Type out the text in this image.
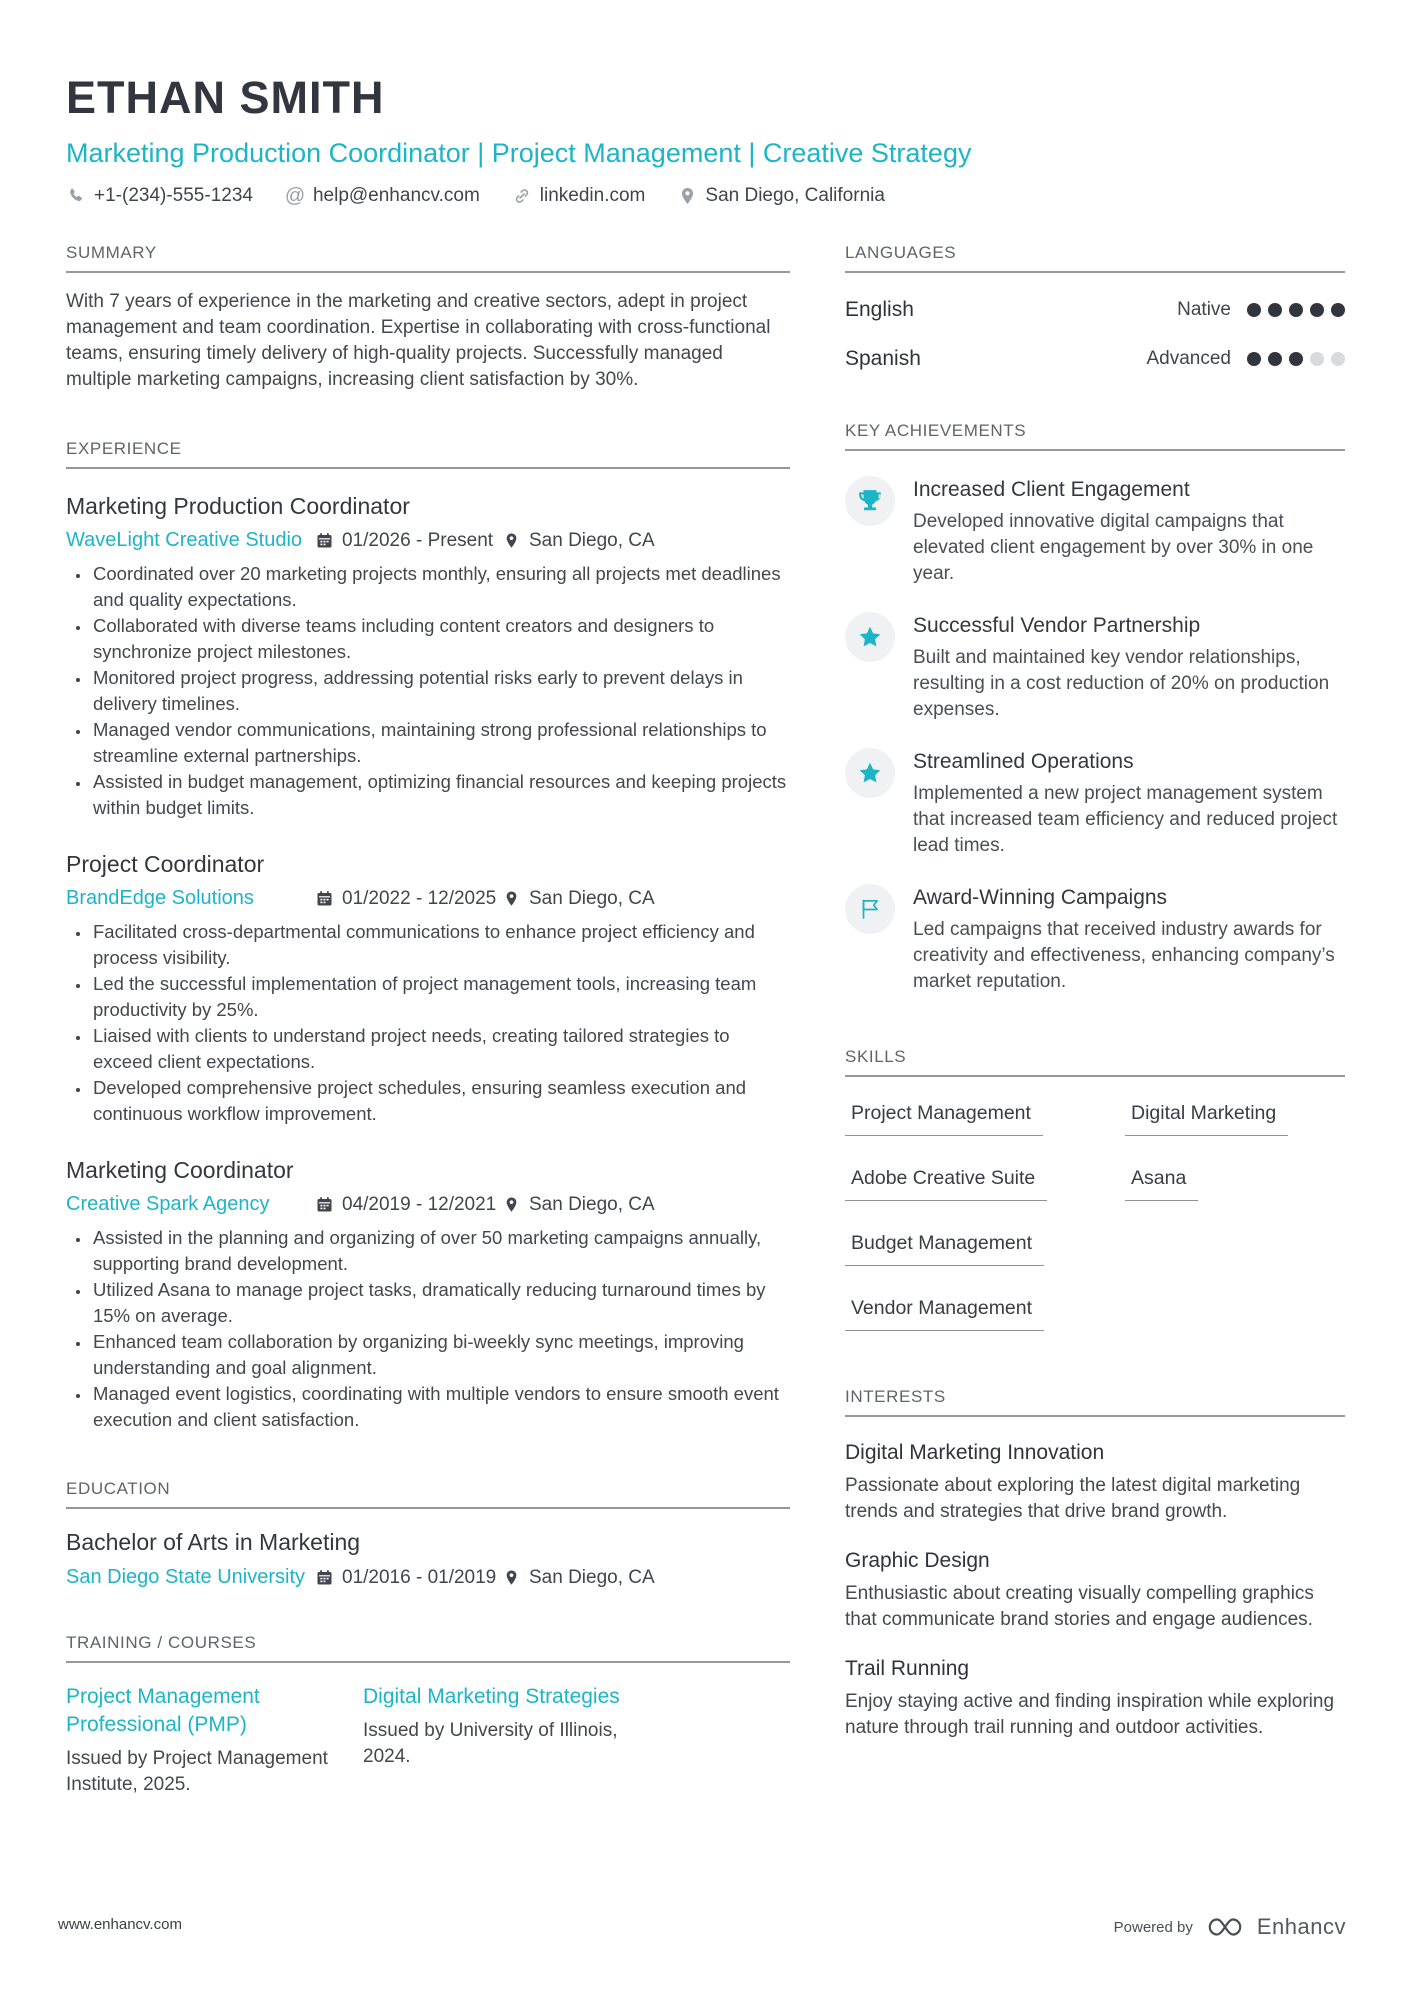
ETHAN SMITH
Marketing Production Coordinator | Project Management | Creative Strategy
+1-(234)-555-1234 @ help@enhancv.com	linkedin.com	San Diego, California
SUMMARY
With 7 years of experience in the marketing and creative sectors, adept in project management and team coordination. Expertise in collaborating with cross-functional teams, ensuring timely delivery of high-quality projects. Successfully managed multiple marketing campaigns, increasing client satisfaction by 30%.
EXPERIENCE
Marketing Production Coordinator
WaveLight Creative Studio	01/2026 - Present San Diego, CA
• Coordinated over 20 marketing projects monthly, ensuring all projects met deadlines and quality expectations.
• Collaborated with diverse teams including content creators and designers to synchronize project milestones.
• Monitored project progress, addressing potential risks early to prevent delays in delivery timelines.
• Managed vendor communications, maintaining strong professional relationships to streamline external partnerships.
• Assisted in budget management, optimizing financial resources and keeping projects within budget limits.
Project Coordinator
BrandEdge Solutions	01/2022 - 12/2025 San Diego, CA
• Facilitated cross-departmental communications to enhance project efficiency and process visibility.
• Led the successful implementation of project management tools, increasing team productivity by 25%.
• Liaised with clients to understand project needs, creating tailored strategies to exceed client expectations.
• Developed comprehensive project schedules, ensuring seamless execution and continuous workflow improvement.
Marketing Coordinator
Creative Spark Agency	04/2019 - 12/2021 San Diego, CA
• Assisted in the planning and organizing of over 50 marketing campaigns annually, supporting brand development.
• Utilized Asana to manage project tasks, dramatically reducing turnaround times by 15% on average.
• Enhanced team collaboration by organizing bi-weekly sync meetings, improving understanding and goal alignment.
• Managed event logistics, coordinating with multiple vendors to ensure smooth event execution and client satisfaction.
EDUCATION
Bachelor of Arts in Marketing
San Diego State University	01/2016 - 01/2019 San Diego, CA
TRAINING / COURSES
Project Management Professional (PMP)
Issued by Project Management Institute, 2025.
Digital Marketing Strategies
Issued by University of Illinois, 2024.
LANGUAGES
English	Native
Spanish	Advanced
KEY ACHIEVEMENTS
Increased Client Engagement
Developed innovative digital campaigns that elevated client engagement by over 30% in one year.
Successful Vendor Partnership
Built and maintained key vendor relationships, resulting in a cost reduction of 20% on production expenses.
Streamlined Operations
Implemented a new project management system that increased team efficiency and reduced project lead times.
Award-Winning Campaigns
Led campaigns that received industry awards for creativity and effectiveness, enhancing company’s market reputation.
SKILLS
Project Management	Digital Marketing
Adobe Creative Suite	Asana
Budget Management
Vendor Management
INTERESTS
Digital Marketing Innovation
Passionate about exploring the latest digital marketing trends and strategies that drive brand growth.
Graphic Design
Enthusiastic about creating visually compelling graphics that communicate brand stories and engage audiences.
Trail Running
Enjoy staying active and finding inspiration while exploring nature through trail running and outdoor activities.
www.enhancv.com	Powered by	Enhancv
